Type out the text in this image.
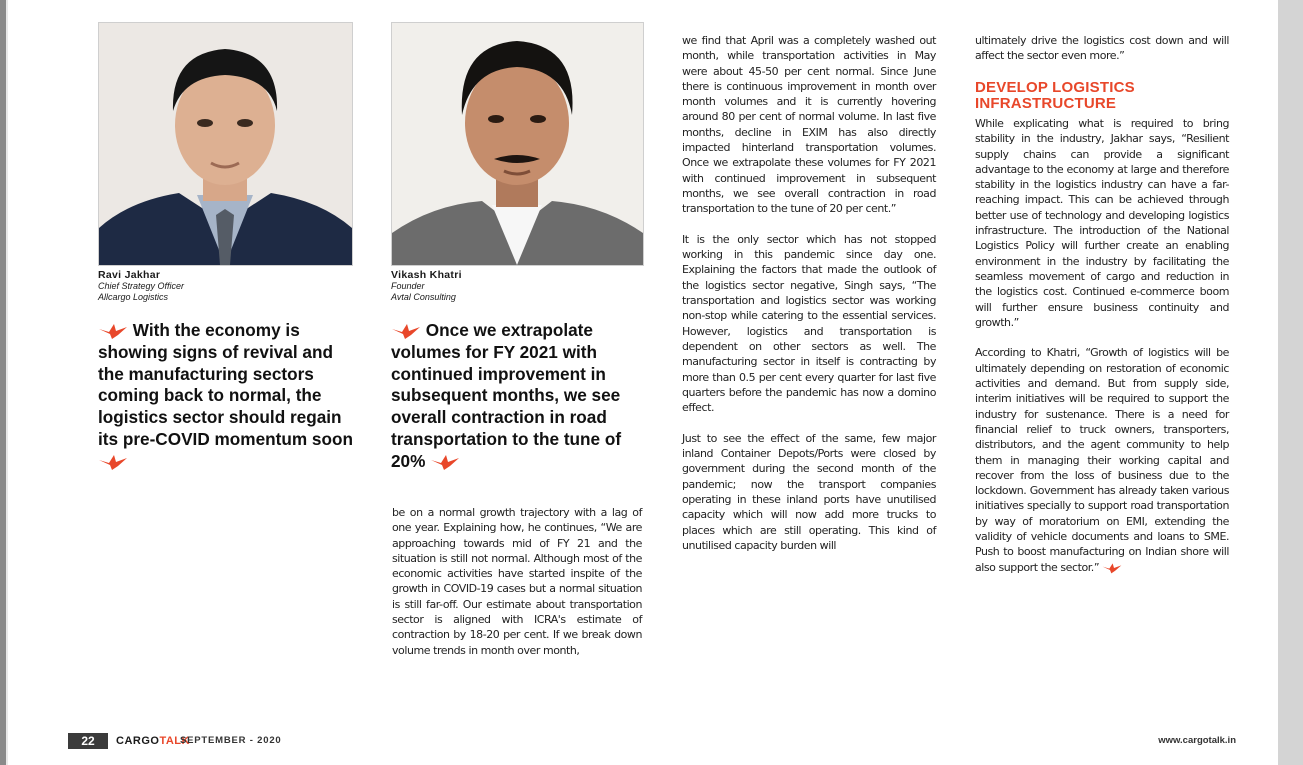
Ravi Jakhar
Chief Strategy Officer
Allcargo Logistics
Vikash Khatri
Founder
Avtal Consulting
With the economy is showing signs of revival and the manufacturing sectors coming back to normal, the logistics sector should regain its pre-COVID momentum soon
Once we extrapolate volumes for FY 2021 with continued improvement in subsequent months, we see overall contraction in road transportation to the tune of 20%

be on a normal growth trajectory with a lag of one year. Explaining how, he continues, “We are approaching towards mid of FY 21 and the situation is still not normal. Although most of the economic activities have started inspite of the growth in COVID-19 cases but a normal situation is still far-off. Our estimate about transportation sector is aligned with ICRA's estimate of contraction by 18-20 per cent. If we break down volume trends in month over month,

we find that April was a completely washed out month, while transportation activities in May were about 45-50 per cent normal. Since June there is continuous improvement in month over month volumes and it is currently hovering around 80 per cent of normal volume. In last five months, decline in EXIM has also directly impacted hinterland transportation volumes. Once we extrapolate these volumes for FY 2021 with continued improvement in subsequent months, we see overall contraction in road transportation to the tune of 20 per cent.”

It is the only sector which has not stopped working in this pandemic since day one. Explaining the factors that made the outlook of the logistics sector negative, Singh says, “The transportation and logistics sector was working non-stop while catering to the essential services. However, logistics and transportation is dependent on other sectors as well. The manufacturing sector in itself is contracting by more than 0.5 per cent every quarter for last five quarters before the pandemic has now a domino effect.

Just to see the effect of the same, few major inland Container Depots/Ports were closed by government during the second month of the pandemic; now the transport companies operating in these inland ports have unutilised capacity which will now add more trucks to places which are still operating. This kind of unutilised capacity burden will

ultimately drive the logistics cost down and will affect the sector even more.”

DEVELOP LOGISTICS INFRASTRUCTURE

While explicating what is required to bring stability in the industry, Jakhar says, “Resilient supply chains can provide a significant advantage to the economy at large and therefore stability in the logistics industry can have a far-reaching impact. This can be achieved through better use of technology and developing logistics infrastructure. The introduction of the National Logistics Policy will further create an enabling environment in the industry by facilitating the seamless movement of cargo and reduction in the logistics cost. Continued e-commerce boom will further ensure business continuity and growth.”

According to Khatri, “Growth of logistics will be ultimately depending on restoration of economic activities and demand. But from supply side, interim initiatives will be required to support the industry for sustenance. There is a need for financial relief to truck owners, transporters, distributors, and the agent community to help them in managing their working capital and recover from the loss of business due to the lockdown. Government has already taken various initiatives specially to support road transportation by way of moratorium on EMI, extending the validity of vehicle documents and loans to SME. Push to boost manufacturing on Indian shore will also support the sector.”

22	CARGOTALK
SEPTEMBER - 2020	www.cargotalk.in
